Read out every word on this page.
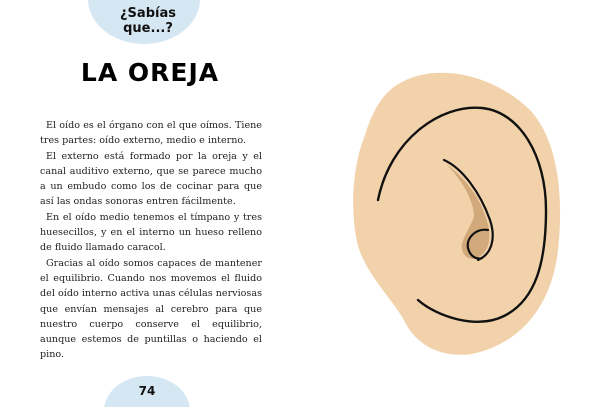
¿Sabías que...?
LA OREJA

El oído es el órgano con el que oímos. Tiene tres partes: oído externo, medio e interno.

El externo está formado por la oreja y el canal auditivo externo, que se parece mucho a un embudo como los de cocinar para que así las ondas sonoras entren fácilmente.

En el oído medio tenemos el tímpano y tres huesecillos, y en el interno un hueso relleno de fluido llamado caracol.

Gracias al oído somos capaces de mantener el equilibrio. Cuando nos movemos el fluido del oído interno activa unas células nerviosas que envían mensajes al cerebro para que nuestro cuerpo conserve el equilibrio, aunque estemos de puntillas o haciendo el pino.

74
